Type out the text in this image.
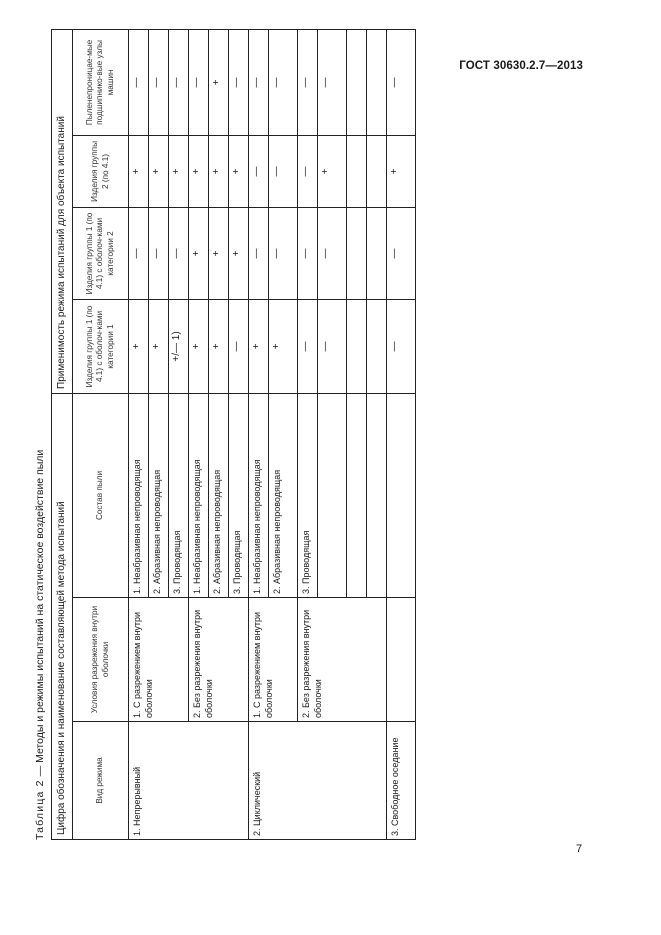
ГОСТ 30630.2.7—2013
Таблица 2 — Методы и режимы испытаний на статическое воздействие пыли	Цифра обозначения и наименование составляющей метода испытаний			Применимость режима испытаний для объекта испытаний			
Вид режима	Условия разрежения внутри оболочки	Состав пыли	Изделия группы 1 (по 4.1) с оболоч-ками категории 1	Изделия группы 1 (по 4.1) с оболоч-ками категории 2	Изделия группы 2 (по 4.1)	Пыленепроницае-мые подшипнико-вые узлы машин
1. Непрерывный	1. С разрежением внутри оболочки	1. Неабразивная непроводящая	+	—	+	—
		2. Абразивная непроводящая	+	—	+	—
		3. Проводящая	+/— 1)	—	+	—
	2. Без разрежения внутри оболочки	1. Неабразивная непроводящая	+	+	+	—
		2. Абразивная непроводящая	+	+	+	+
		3. Проводящая	—	+	+	—
2. Циклический	1. С разрежением внутри оболочки	1. Неабразивная непроводящая	+	—	—	—
		2. Абразивная непроводящая	+	—	—	—
	2. Без разрежения внутри оболочки	3. Проводящая	—	—	—	—
			—	—	+	—

3. Свободное оседание			—	—	+	—
7
